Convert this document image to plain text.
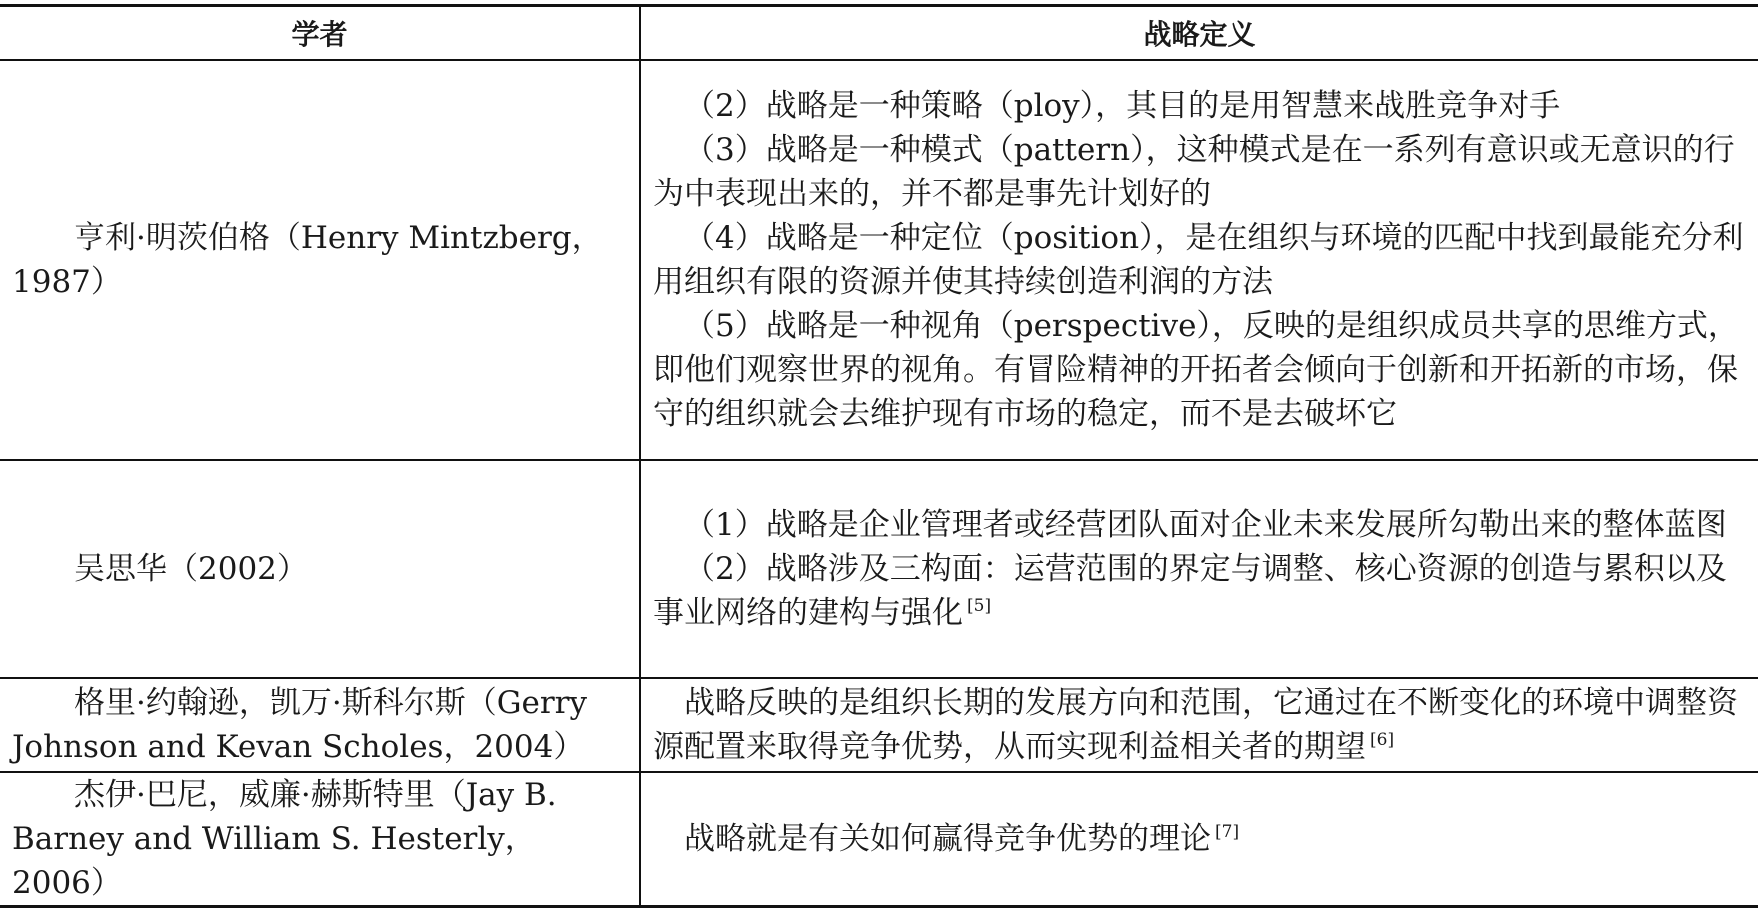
学者	战略定义
亨利·明茨伯格（Henry Mintzberg，1987）	（2）战略是一种策略（ploy），其目的是用智慧来战胜竞争对手
（3）战略是一种模式（pattern），这种模式是在一系列有意识或无意识的行为中表现出来的，并不都是事先计划好的
（4）战略是一种定位（position），是在组织与环境的匹配中找到最能充分利用组织有限的资源并使其持续创造利润的方法
（5）战略是一种视角（perspective），反映的是组织成员共享的思维方式，即他们观察世界的视角。有冒险精神的开拓者会倾向于创新和开拓新的市场，保守的组织就会去维护现有市场的稳定，而不是去破坏它

吴思华（2002）	（1）战略是企业管理者或经营团队面对企业未来发展所勾勒出来的整体蓝图
（2）战略涉及三构面：运营范围的界定与调整、核心资源的创造与累积以及事业网络的建构与强化 [5]

格里·约翰逊，凯万·斯科尔斯（Gerry Johnson and Kevan Scholes，2004）	战略反映的是组织长期的发展方向和范围，它通过在不断变化的环境中调整资源配置来取得竞争优势，从而实现利益相关者的期望 [6]

杰伊·巴尼，威廉·赫斯特里（Jay B. Barney and William S. Hesterly，2006）	战略就是有关如何赢得竞争优势的理论 [7]
